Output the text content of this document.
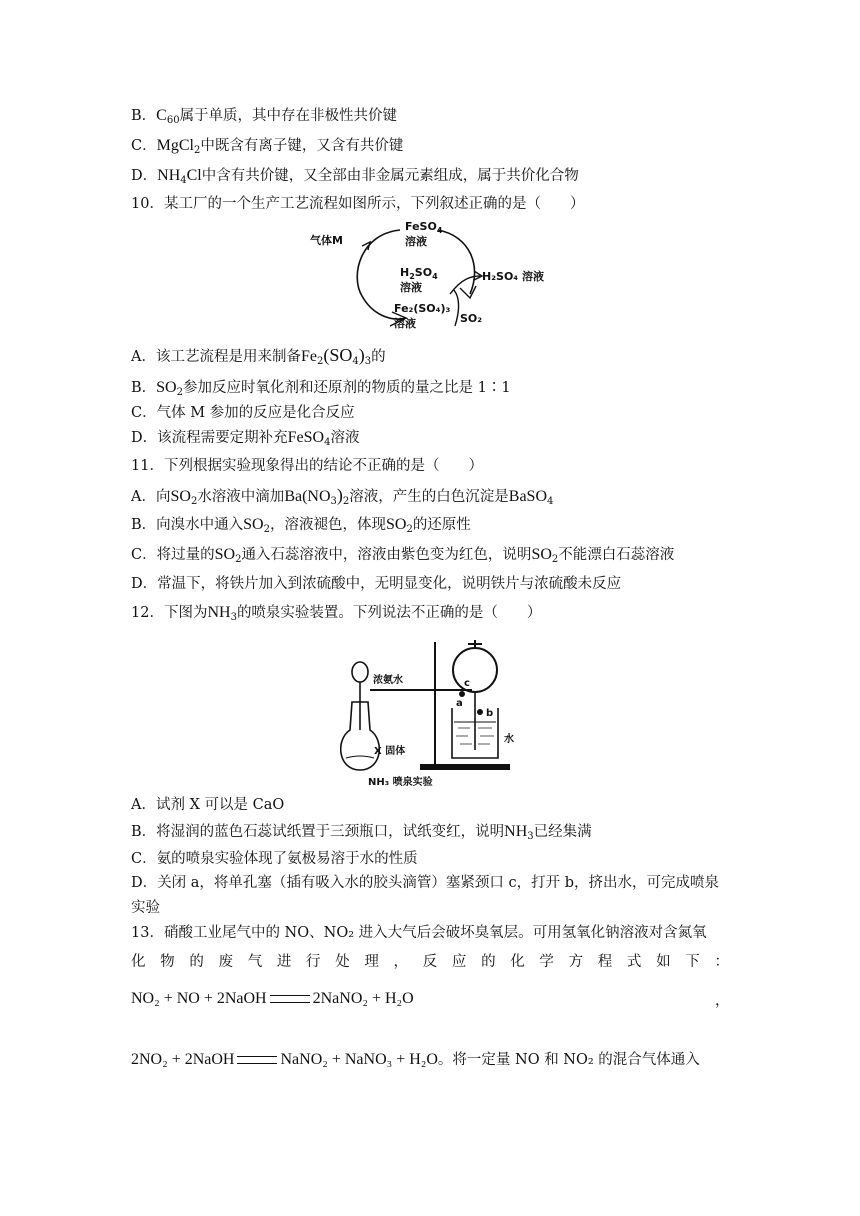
B．$C_{60}$属于单质，其中存在非极性共价键
C．MgCl$_2$中既含有离子键，又含有共价键
D．$NH_4Cl$中含有共价键，又全部由非金属元素组成，属于共价化合物
10．某工厂的一个生产工艺流程如图所示，下列叙述正确的是（　　）
气体M
FeSO$_4$
溶液
$H_2SO_4$
溶液
H₂SO₄ 溶液
Fe₂(SO₄)₃
溶液	SO₂
A．该工艺流程是用来制备$Fe_2(SO_4)_3$的
B．$SO_2$参加反应时氧化剂和还原剂的物质的量之比是 1∶1
C．气体 M 参加的反应是化合反应
D．该流程需要定期补充FeSO$_4$溶液
11．下列根据实验现象得出的结论不正确的是（　　）
A．向$SO_2$水溶液中滴加$Ba(NO_3)_2$溶液，产生的白色沉淀是BaSO$_4$
B．向溴水中通入$SO_2$，溶液褪色，体现$SO_2$的还原性
C．将过量的$SO_2$通入石蕊溶液中，溶液由紫色变为红色，说明$SO_2$不能漂白石蕊溶液
D．常温下，将铁片加入到浓硫酸中，无明显变化，说明铁片与浓硫酸未反应
12．下图为$NH_3$的喷泉实验装置。下列说法不正确的是（　　）
浓氨水
X 固体
水
a
b
c
NH₃ 喷泉实验
A．试剂 X 可以是 CaO
B．将湿润的蓝色石蕊试纸置于三颈瓶口，试纸变红，说明$NH_3$已经集满
C．氨的喷泉实验体现了氨极易溶于水的性质
D．关闭 a，将单孔塞（插有吸入水的胶头滴管）塞紧颈口 c，打开 b，挤出水，可完成喷泉
实验
13．硝酸工业尾气中的 NO、NO₂ 进入大气后会破坏臭氧层。可用氢氧化钠溶液对含氮氧
化 物 的 废 气 进 行 处 理 ， 反 应 的 化 学 方 程 式 如 下 ：
NO₂ + NO + 2NaOH	2NaNO₂ + H₂O	，
2NO₂ + 2NaOH	NaNO₂ + NaNO₃ + H₂O。将一定量 NO 和 NO₂ 的混合气体通入
